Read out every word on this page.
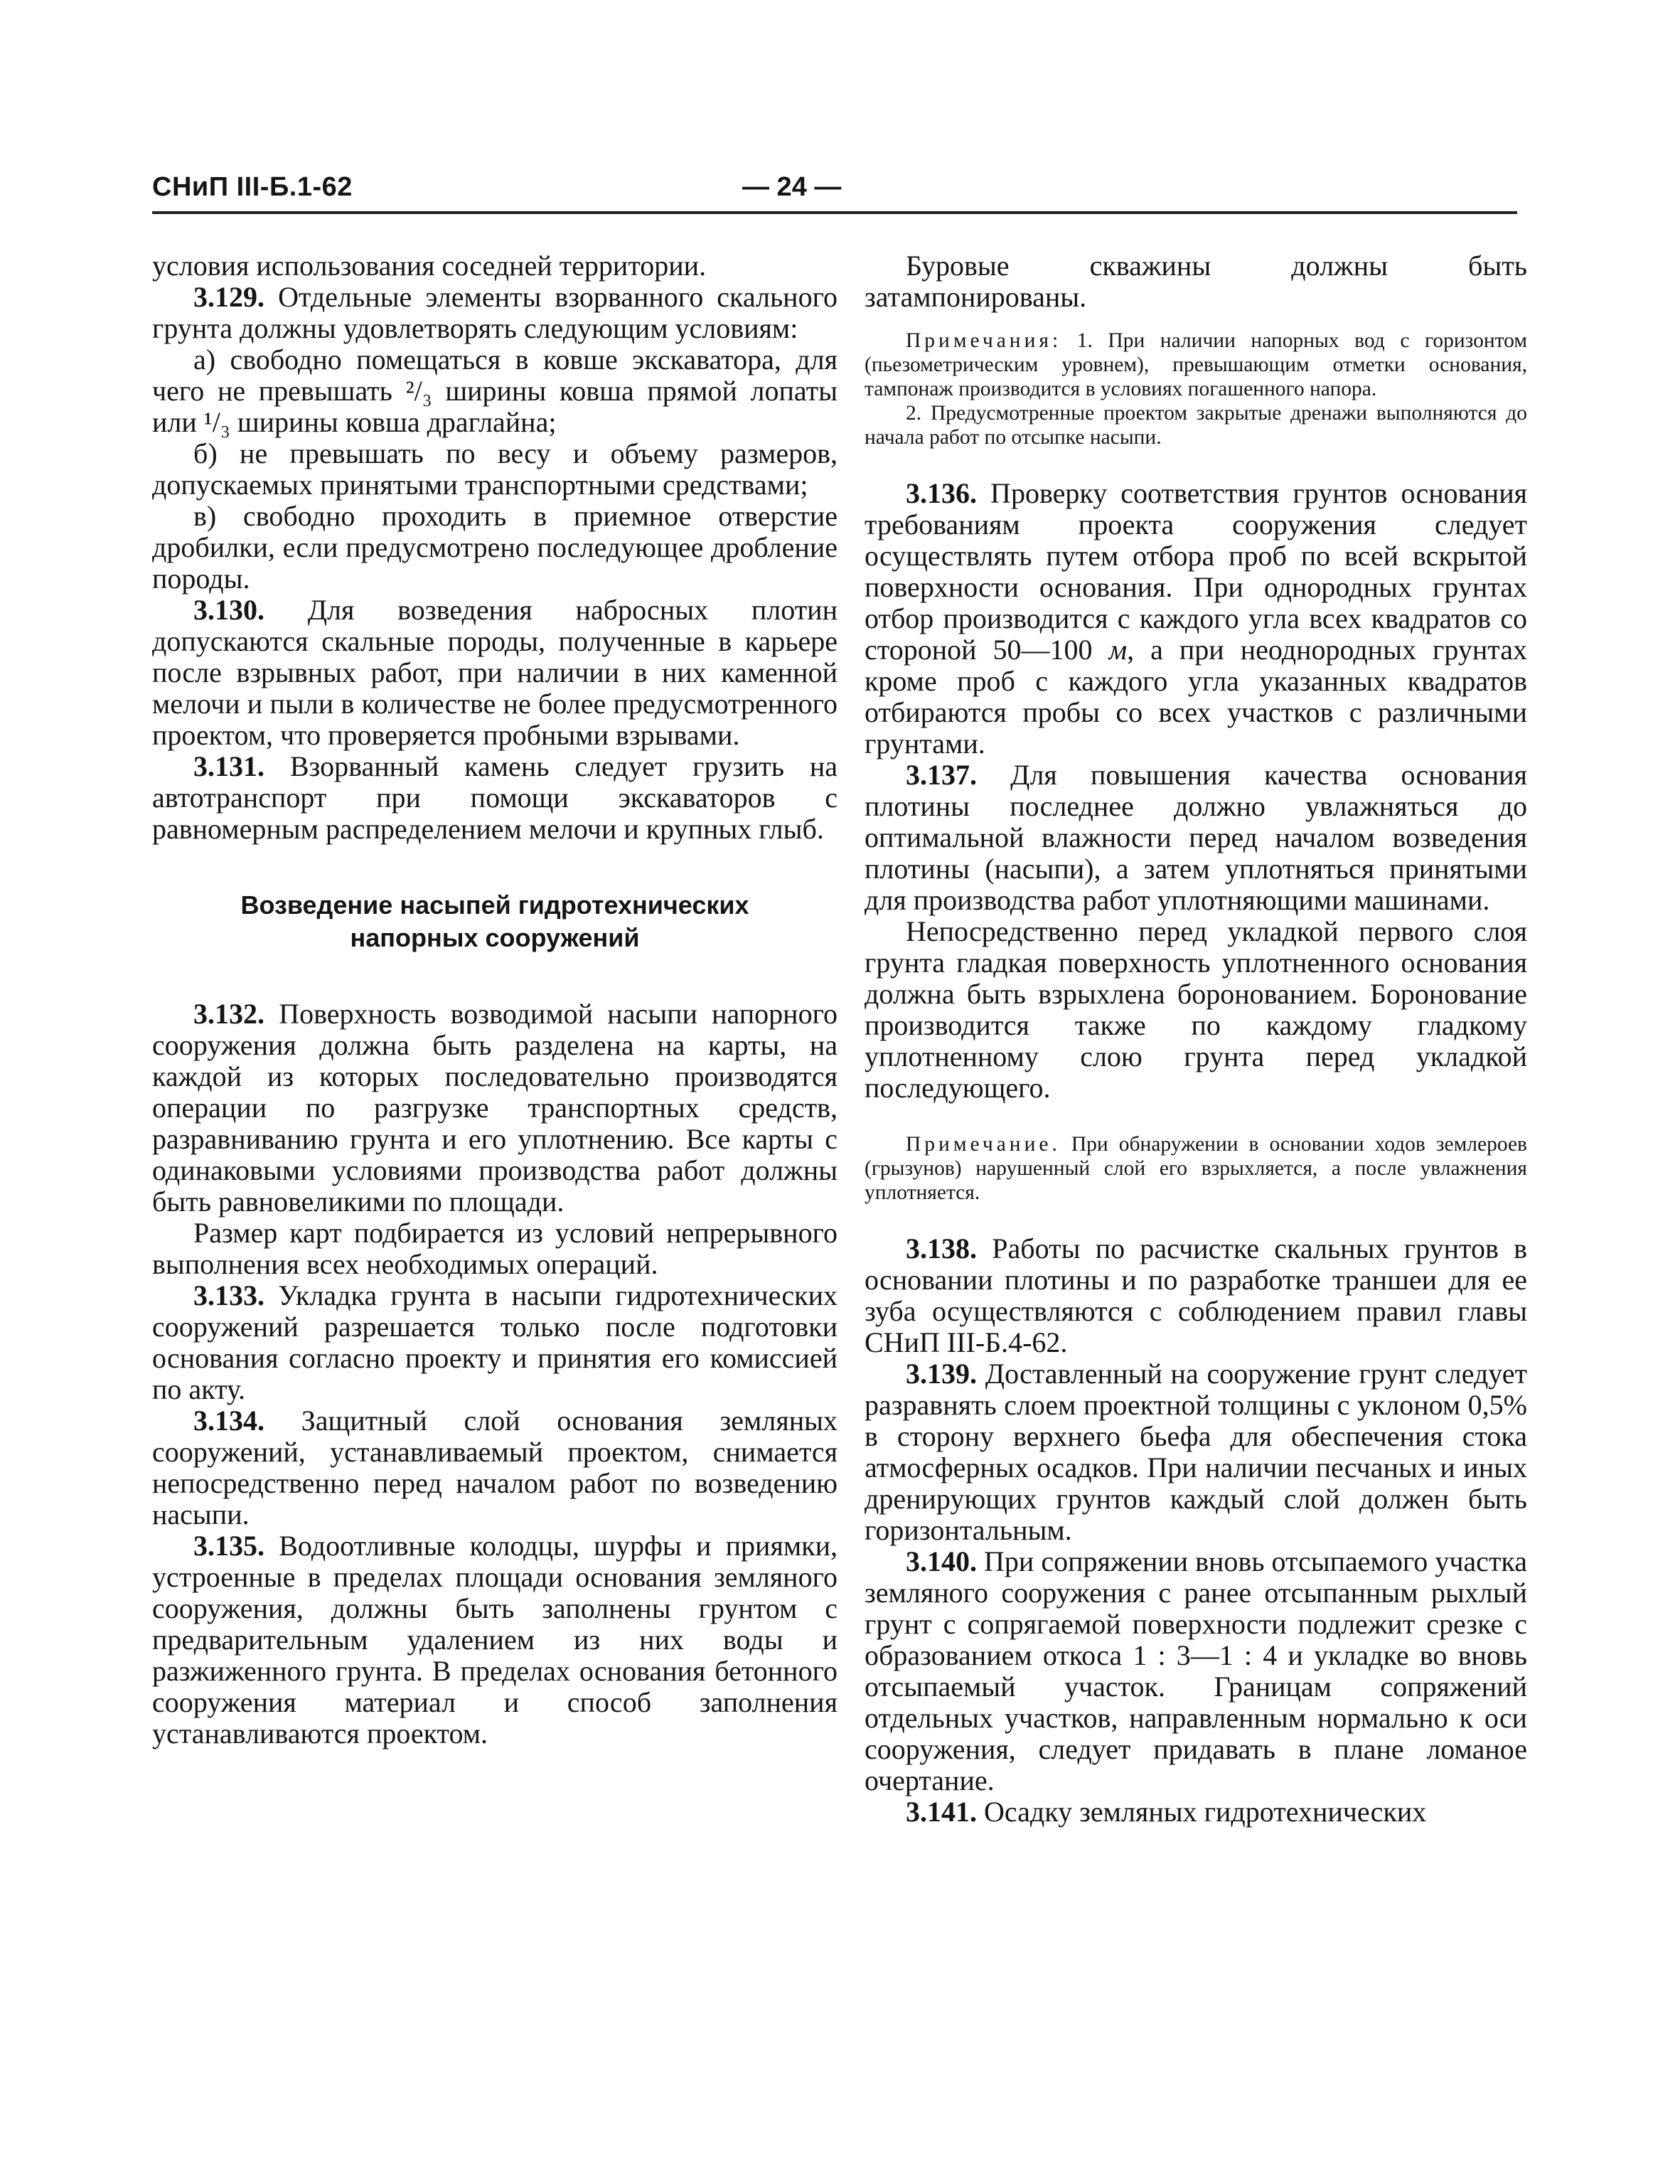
СНиП III-Б.1-62	— 24 —

условия использования соседней территории.

3.129. Отдельные элементы взорванного скального грунта должны удовлетворять следующим условиям:

а) свободно помещаться в ковше экскаватора, для чего не превышать ²/₃ ширины ковша прямой лопаты или ¹/₃ ширины ковша драглайна;

б) не превышать по весу и объему размеров, допускаемых принятыми транспортными средствами;

в) свободно проходить в приемное отверстие дробилки, если предусмотрено последующее дробление породы.

3.130. Для возведения набросных плотин допускаются скальные породы, полученные в карьере после взрывных работ, при наличии в них каменной мелочи и пыли в количестве не более предусмотренного проектом, что проверяется пробными взрывами.

3.131. Взорванный камень следует грузить на автотранспорт при помощи экскаваторов с равномерным распределением мелочи и крупных глыб.

Возведение насыпей гидротехнических

напорных сооружений

3.132. Поверхность возводимой насыпи напорного сооружения должна быть разделена на карты, на каждой из которых последовательно производятся операции по разгрузке транспортных средств, разравниванию грунта и его уплотнению. Все карты с одинаковыми условиями производства работ должны быть равновеликими по площади.

Размер карт подбирается из условий непрерывного выполнения всех необходимых операций.

3.133. Укладка грунта в насыпи гидротехнических сооружений разрешается только после подготовки основания согласно проекту и принятия его комиссией по акту.

3.134. Защитный слой основания земляных сооружений, устанавливаемый проектом, снимается непосредственно перед началом работ по возведению насыпи.

3.135. Водоотливные колодцы, шурфы и приямки, устроенные в пределах площади основания земляного сооружения, должны быть заполнены грунтом с предварительным удалением из них воды и разжиженного грунта. В пределах основания бетонного сооружения материал и способ заполнения устанавливаются проектом.

Буровые скважины должны быть затампонированы.

Примечания: 1. При наличии напорных вод с горизонтом (пьезометрическим уровнем), превышающим отметки основания, тампонаж производится в условиях погашенного напора.

2. Предусмотренные проектом закрытые дренажи выполняются до начала работ по отсыпке насыпи.

3.136. Проверку соответствия грунтов основания требованиям проекта сооружения следует осуществлять путем отбора проб по всей вскрытой поверхности основания. При однородных грунтах отбор производится с каждого угла всех квадратов со стороной 50—100 м, а при неоднородных грунтах кроме проб с каждого угла указанных квадратов отбираются пробы со всех участков с различными грунтами.

3.137. Для повышения качества основания плотины последнее должно увлажняться до оптимальной влажности перед началом возведения плотины (насыпи), а затем уплотняться принятыми для производства работ уплотняющими машинами.

Непосредственно перед укладкой первого слоя грунта гладкая поверхность уплотненного основания должна быть взрыхлена боронованием. Боронование производится также по каждому гладкому уплотненному слою грунта перед укладкой последующего.

Примечание. При обнаружении в основании ходов землероев (грызунов) нарушенный слой его взрыхляется, а после увлажнения уплотняется.

3.138. Работы по расчистке скальных грунтов в основании плотины и по разработке траншеи для ее зуба осуществляются с соблюдением правил главы СНиП III-Б.4-62.

3.139. Доставленный на сооружение грунт следует разравнять слоем проектной толщины с уклоном 0,5% в сторону верхнего бьефа для обеспечения стока атмосферных осадков. При наличии песчаных и иных дренирующих грунтов каждый слой должен быть горизонтальным.

3.140. При сопряжении вновь отсыпаемого участка земляного сооружения с ранее отсыпанным рыхлый грунт с сопрягаемой поверхности подлежит срезке с образованием откоса 1 : 3—1 : 4 и укладке во вновь отсыпаемый участок. Границам сопряжений отдельных участков, направленным нормально к оси сооружения, следует придавать в плане ломаное очертание.

3.141. Осадку земляных гидротехнических
